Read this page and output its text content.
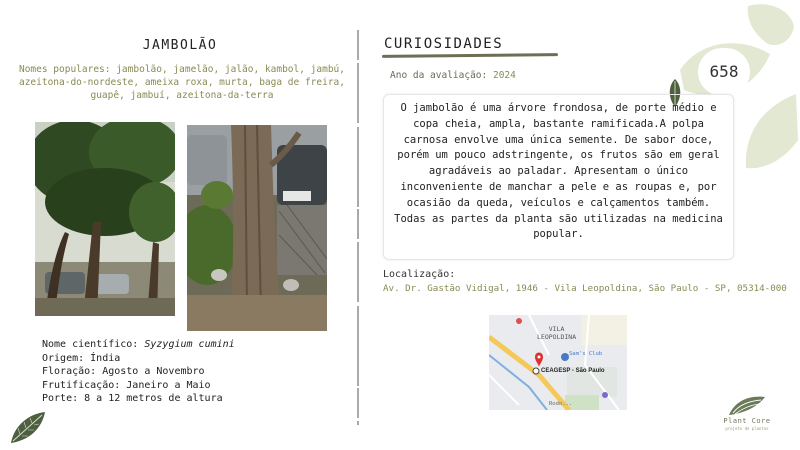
JAMBOLÃO
Nomes populares: jambolão, jamelão, jalão, kambol, jambú, azeitona-do-nordeste, ameixa roxa, murta, baga de freira, guapê, jambuí, azeitona-da-terra
Nome científico: Syzygium cumini
Origem: Índia
Floração: Agosto a Novembro
Frutificação: Janeiro a Maio
Porte: 8 a 12 metros de altura
CURIOSIDADES
Ano da avaliação: 2024	658

O jambolão é uma árvore frondosa, de porte médio e copa cheia, ampla, bastante ramificada.A polpa carnosa envolve uma única semente. De sabor doce, porém um pouco adstringente, os frutos são em geral agradáveis ao paladar. Apresentam o único inconveniente de manchar a pele e as roupas e, por ocasião da queda, veículos e calçamentos também. Todas as partes da planta são utilizadas na medicina popular.

Localização:
Av. Dr. Gastão Vidigal, 1946 - Vila Leopoldina, São Paulo - SP, 05314-000
VILA
LEOPOLDINA
Sam's Club
CEAGESP - São Paulo
Rodo...
Plant Core
projeto de plantas
